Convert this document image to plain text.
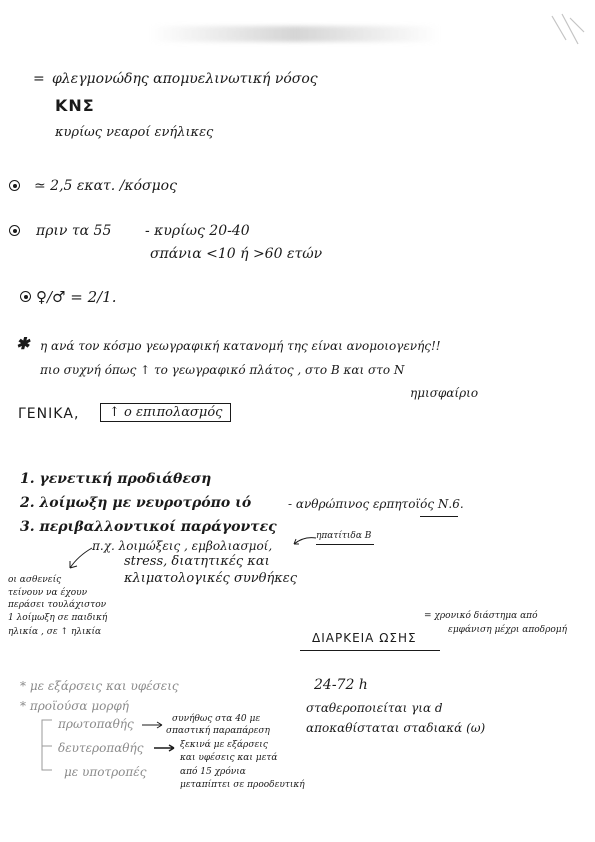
= φλεγμονώδης απομυελινωτική νόσος
ΚΝΣ
κυρίως νεαροί ενήλικες
≃ 2,5 εκατ. /κόσμος
πριν τα 55 - κυρίως 20-40
σπάνια <10 ή >60 ετών
♀/♂ = 2/1.
✱ η ανά τον κόσμο γεωγραφική κατανομή της είναι ανομοιογενής!!
πιο συχνή όπως ↑ το γεωγραφικό πλάτος , στο Β και στο Ν
ημισφαίριο
ΓΕΝΙΚΑ,	↑ ο επιπολασμός
1. γενετική προδιάθεση
2. λοίμωξη με νευροτρόπο ιό	- ανθρώπινος ερπητοϊός Ν.6.
3. περιβαλλοντικοί παράγοντες
π.χ. λοιμώξεις , εμβολιασμοί,
ηπατίτιδα Β
stress, διατητικές και
κλιματολογικές συνθήκες
οι ασθενείς
τείνουν να έχουν
περάσει τουλάχιστον
1 λοίμωξη σε παιδική
ηλικία , σε ↑ ηλικία
= χρονικό διάστημα από
εμφάνιση μέχρι αποδρομή
ΔΙΑΡΚΕΙΑ ΩΣΗΣ
24-72 h
σταθεροποιείται για d
αποκαθίσταται σταδιακά (ω)
* με εξάρσεις και υφέσεις
* προϊούσα μορφή
πρωτοπαθής	συνήθως στα 40 με
σπαστική παραπάρεση
δευτεροπαθής	ξεκινά με εξάρσεις
και υφέσεις και μετά
από 15 χρόνια
μεταπίπτει σε προοδευτική
με υποτροπές
